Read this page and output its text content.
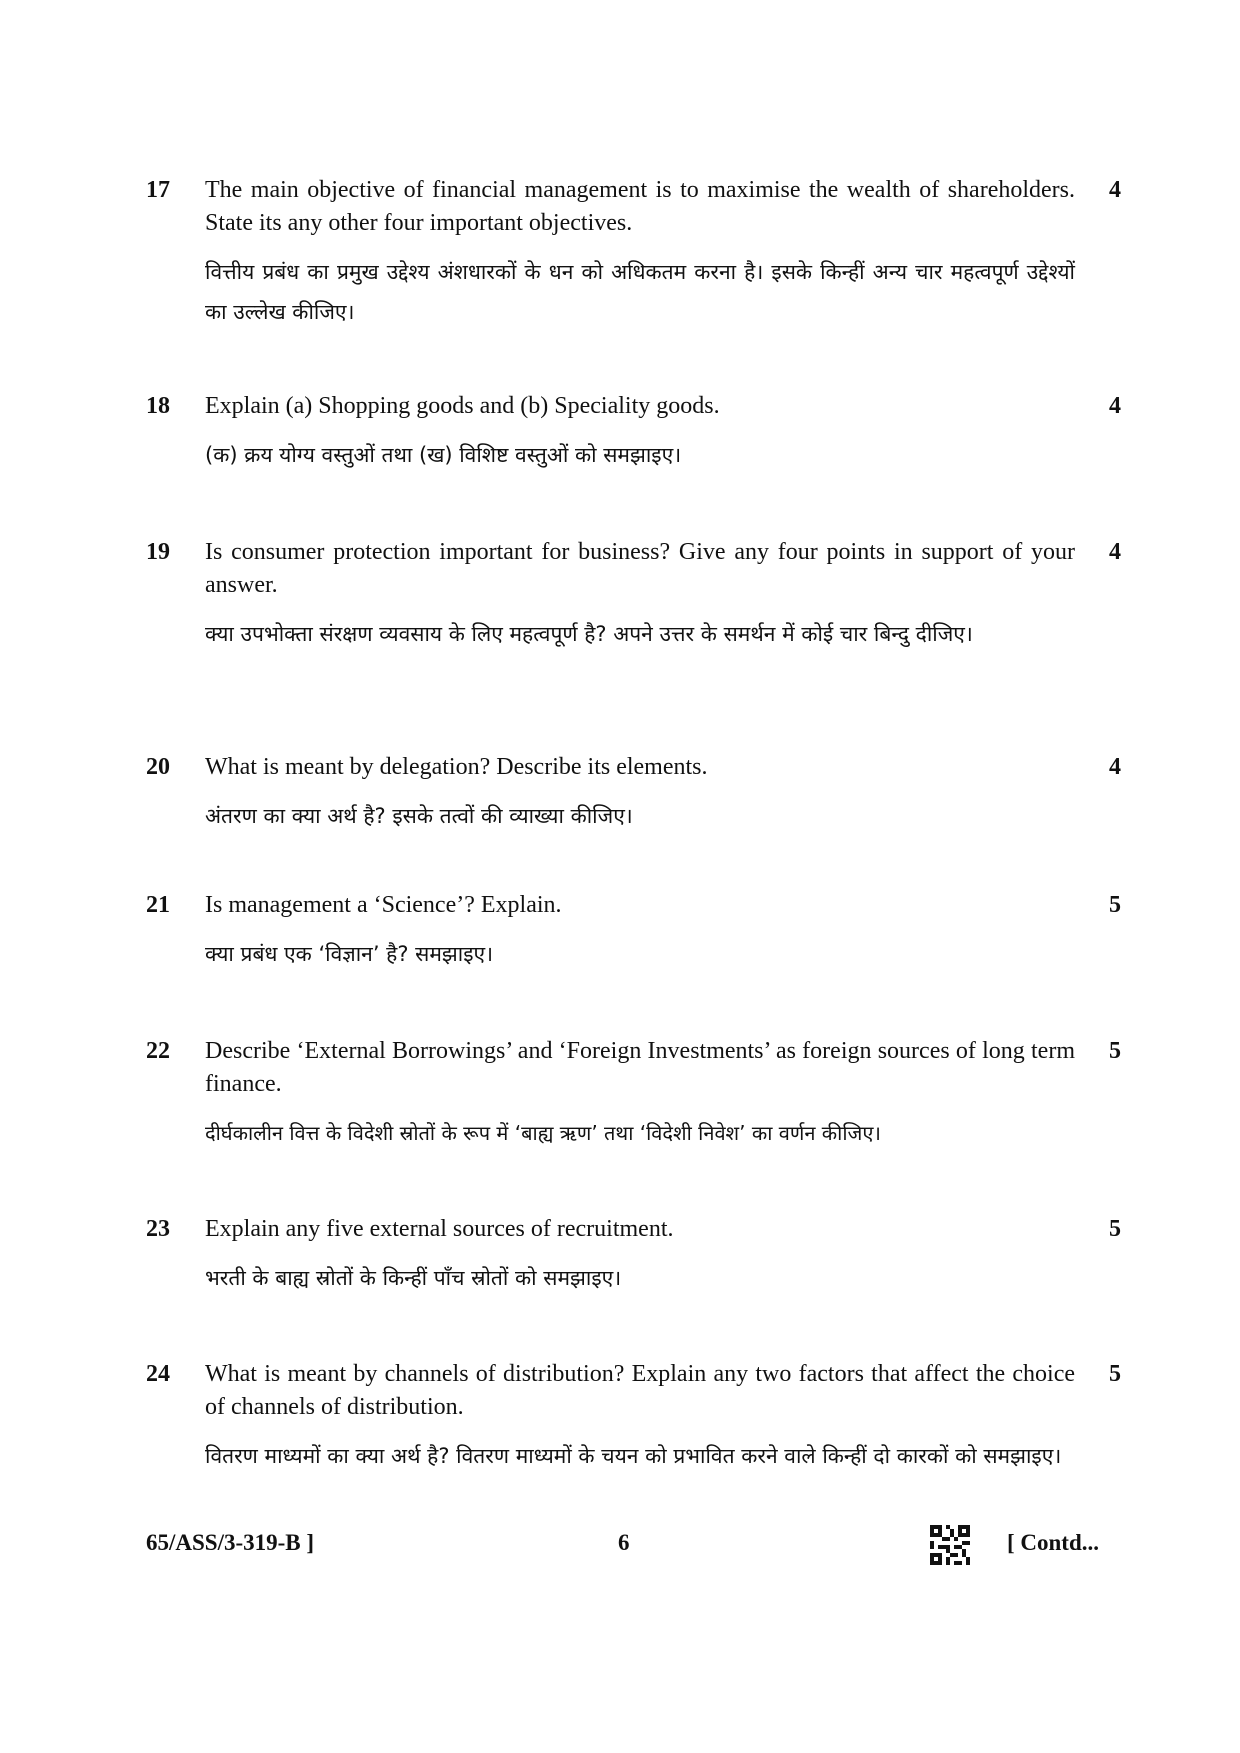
17 The main objective of financial management is to maximise the wealth of shareholders. State its any other four important objectives.

वित्तीय प्रबंध का प्रमुख उद्देश्य अंशधारकों के धन को अधिकतम करना है। इसके किन्हीं अन्य चार महत्वपूर्ण उद्देश्यों का उल्लेख कीजिए।

4
18 Explain (a) Shopping goods and (b) Speciality goods.

(क) क्रय योग्य वस्तुओं तथा (ख) विशिष्ट वस्तुओं को समझाइए।

4
19 Is consumer protection important for business? Give any four points in support of your answer.

क्या उपभोक्ता संरक्षण व्यवसाय के लिए महत्वपूर्ण है? अपने उत्तर के समर्थन में कोई चार बिन्दु दीजिए।

4
20 What is meant by delegation? Describe its elements.

अंतरण का क्या अर्थ है? इसके तत्वों की व्याख्या कीजिए।

4
21 Is management a ‘Science’? Explain.

क्या प्रबंध एक ‘विज्ञान’ है? समझाइए।

5
22 Describe ‘External Borrowings’ and ‘Foreign Investments’ as foreign sources of long term finance.

दीर्घकालीन वित्त के विदेशी स्रोतों के रूप में ‘बाह्य ऋण’ तथा ‘विदेशी निवेश’ का वर्णन कीजिए।

5
23 Explain any five external sources of recruitment.

भरती के बाह्य स्रोतों के किन्हीं पाँच स्रोतों को समझाइए।

5
24 What is meant by channels of distribution? Explain any two factors that affect the choice of channels of distribution.

वितरण माध्यमों का क्या अर्थ है? वितरण माध्यमों के चयन को प्रभावित करने वाले किन्हीं दो कारकों को समझाइए।

5
65/ASS/3-319-B ]	6	[ Contd...
